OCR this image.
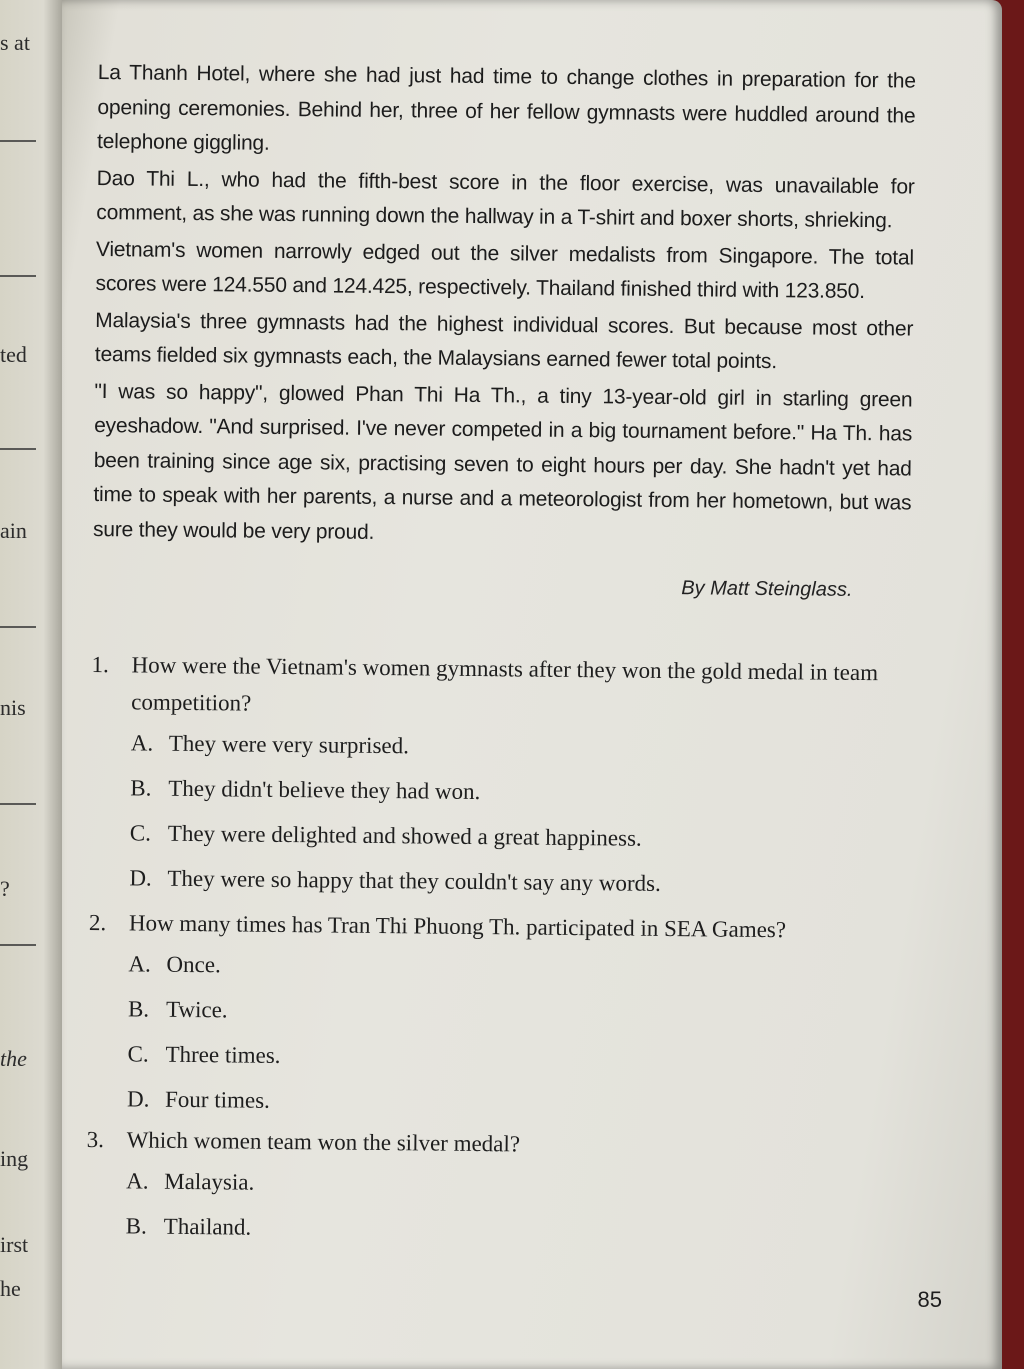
s at
ted
ain
nis
?
the
ing
irst
he

La Thanh Hotel, where she had just had time to change clothes in preparation for the opening ceremonies. Behind her, three of her fellow gymnasts were huddled around the telephone giggling.

Dao Thi L., who had the fifth-best score in the floor exercise, was unavailable for comment, as she was running down the hallway in a T-shirt and boxer shorts, shrieking.

Vietnam's women narrowly edged out the silver medalists from Singapore. The total scores were 124.550 and 124.425, respectively. Thailand finished third with 123.850.

Malaysia's three gymnasts had the highest individual scores. But because most other teams fielded six gymnasts each, the Malaysians earned fewer total points.

"I was so happy", glowed Phan Thi Ha Th., a tiny 13-year-old girl in starling green eyeshadow. "And surprised. I've never competed in a big tournament before." Ha Th. has been training since age six, practising seven to eight hours per day. She hadn't yet had time to speak with her parents, a nurse and a meteorologist from her hometown, but was sure they would be very proud.

By Matt Steinglass.
1. How were the Vietnam's women gymnasts after they won the gold medal in team competition?
A. They were very surprised.
B. They didn't believe they had won.
C. They were delighted and showed a great happiness.
D. They were so happy that they couldn't say any words.
2. How many times has Tran Thi Phuong Th. participated in SEA Games?
A. Once.
B. Twice.
C. Three times.
D. Four times.
3. Which women team won the silver medal?
A. Malaysia.
B. Thailand.
85
